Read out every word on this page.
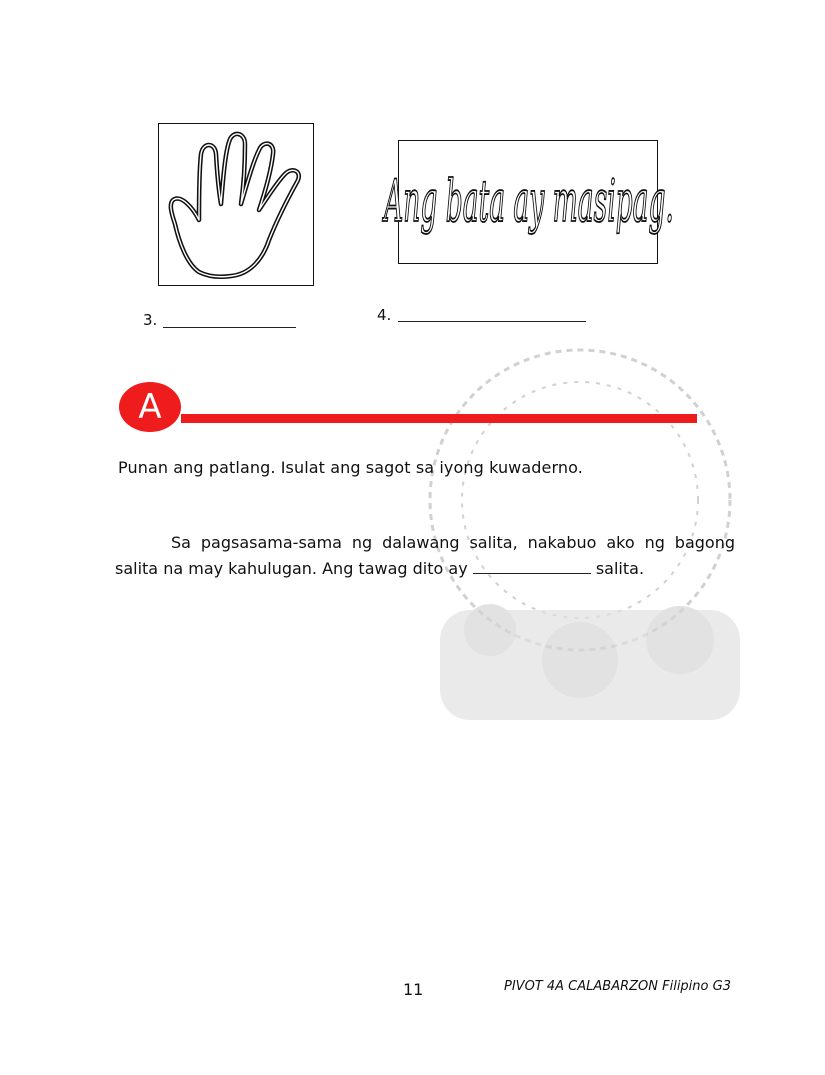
Ang bata ay masipag.
3.	4.
A
Punan ang patlang. Isulat ang sagot sa iyong kuwaderno.
Sa pagsasama-sama ng dalawang salita, nakabuo ako ng bagong salita na may kahulugan. Ang tawag dito ay	salita.
11	PIVOT 4A CALABARZON Filipino G3
